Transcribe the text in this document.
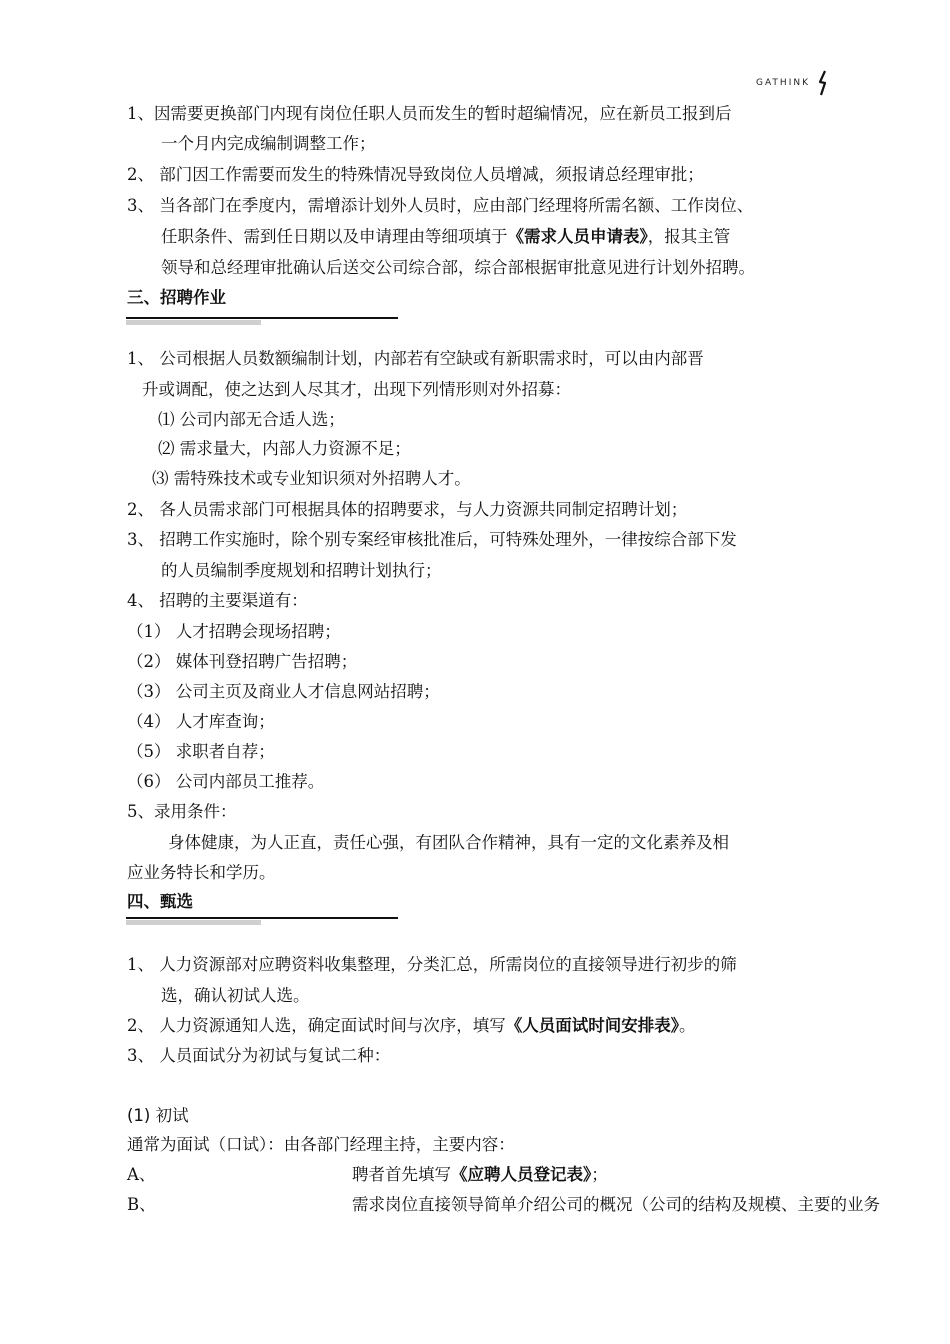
GATHINK
1、因需要更换部门内现有岗位任职人员而发生的暂时超编情况，应在新员工报到后
一个月内完成编制调整工作；
2、 部门因工作需要而发生的特殊情况导致岗位人员增减，须报请总经理审批；
3、 当各部门在季度内，需增添计划外人员时，应由部门经理将所需名额、工作岗位、
任职条件、需到任日期以及申请理由等细项填于《需求人员申请表》，报其主管
领导和总经理审批确认后送交公司综合部，综合部根据审批意见进行计划外招聘。
三、招聘作业
1、 公司根据人员数额编制计划，内部若有空缺或有新职需求时，可以由内部晋
升或调配，使之达到人尽其才，出现下列情形则对外招募：
⑴ 公司内部无合适人选；
⑵ 需求量大，内部人力资源不足；
⑶ 需特殊技术或专业知识须对外招聘人才。
2、 各人员需求部门可根据具体的招聘要求，与人力资源共同制定招聘计划；
3、 招聘工作实施时，除个别专案经审核批准后，可特殊处理外，一律按综合部下发
的人员编制季度规划和招聘计划执行；
4、 招聘的主要渠道有：
（1） 人才招聘会现场招聘；
（2） 媒体刊登招聘广告招聘；
（3） 公司主页及商业人才信息网站招聘；
（4） 人才库查询；
（5） 求职者自荐；
（6） 公司内部员工推荐。
5、录用条件：
身体健康，为人正直，责任心强，有团队合作精神，具有一定的文化素养及相
应业务特长和学历。
四、甄选
1、 人力资源部对应聘资料收集整理，分类汇总，所需岗位的直接领导进行初步的筛
选，确认初试人选。
2、 人力资源通知人选，确定面试时间与次序，填写《人员面试时间安排表》。
3、 人员面试分为初试与复试二种：
(1) 初试
通常为面试（口试）：由各部门经理主持，主要内容：
A、	聘者首先填写《应聘人员登记表》；
B、	需求岗位直接领导简单介绍公司的概况（公司的结构及规模、主要的业务
